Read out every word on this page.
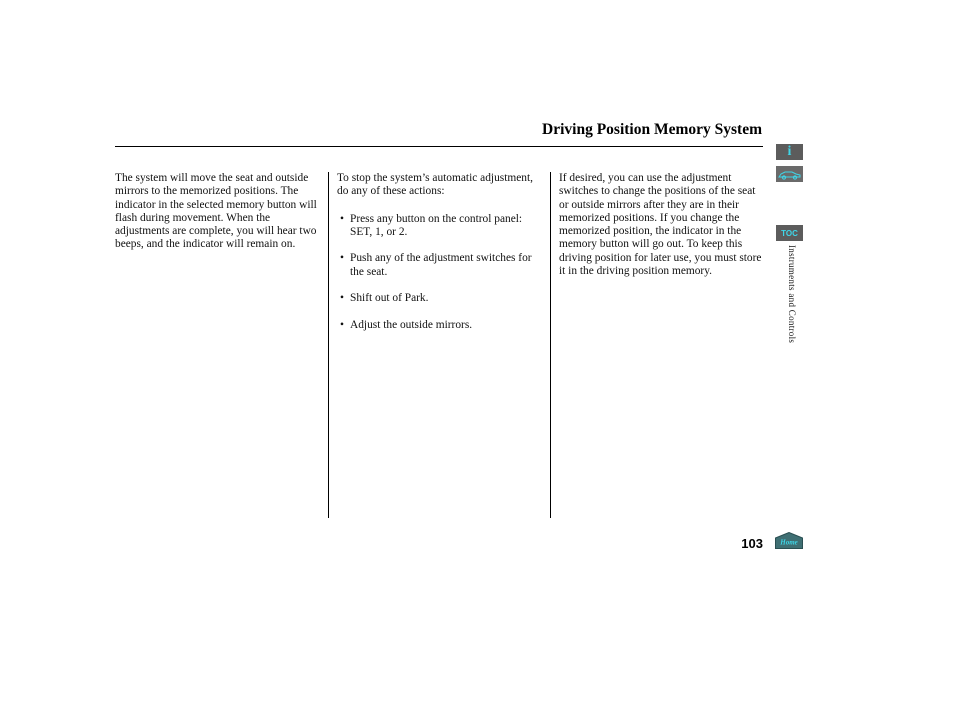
Driving Position Memory System

The system will move the seat and outside mirrors to the memorized positions. The indicator in the selected memory button will flash during movement. When the adjustments are complete, you will hear two beeps, and the indicator will remain on.

To stop the system’s automatic adjustment, do any of these actions:

• Press any button on the control panel: SET, 1, or 2.
• Push any of the adjustment switches for the seat.
• Shift out of Park.
• Adjust the outside mirrors.

If desired, you can use the adjustment switches to change the positions of the seat or outside mirrors after they are in their memorized positions. If you change the memorized position, the indicator in the memory button will go out. To keep this driving position for later use, you must store it in the driving position memory.

i
TOC
Instruments and Controls
103 Home
